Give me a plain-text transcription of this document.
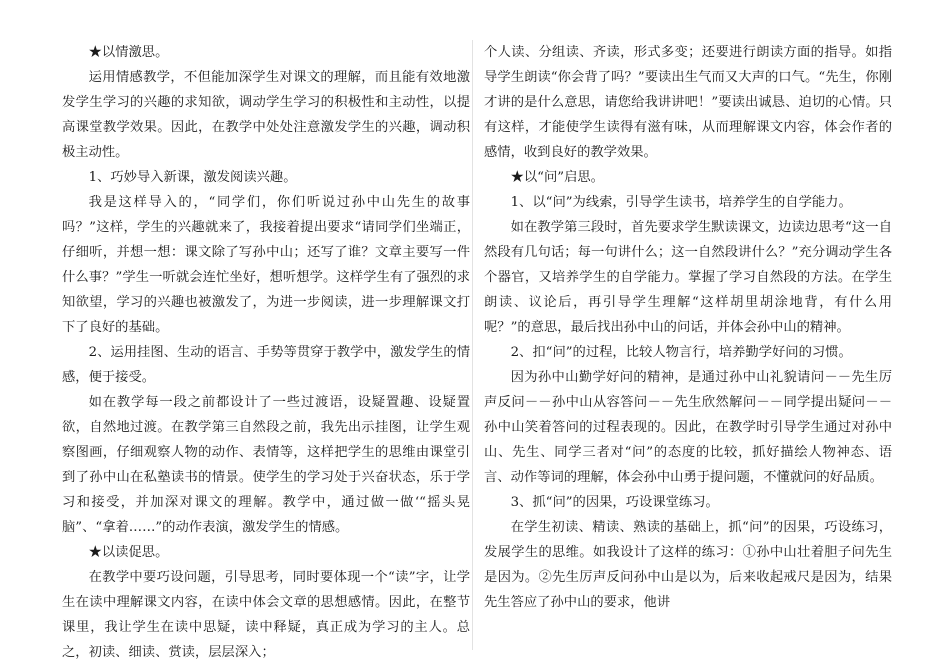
★以情激思。

运用情感教学，不但能加深学生对课文的理解，而且能有效地激发学生学习的兴趣的求知欲，调动学生学习的积极性和主动性，以提高课堂教学效果。因此，在教学中处处注意激发学生的兴趣，调动积极主动性。

1、巧妙导入新课，激发阅读兴趣。

我是这样导入的，“同学们，你们听说过孙中山先生的故事吗？”这样，学生的兴趣就来了，我接着提出要求“请同学们坐端正，仔细听，并想一想：课文除了写孙中山；还写了谁？文章主要写一件什么事？”学生一听就会连忙坐好，想听想学。这样学生有了强烈的求知欲望，学习的兴趣也被激发了，为进一步阅读，进一步理解课文打下了良好的基础。

2、运用挂图、生动的语言、手势等贯穿于教学中，激发学生的情感，便于接受。

如在教学每一段之前都设计了一些过渡语，设疑置趣、设疑置欲，自然地过渡。在教学第三自然段之前，我先出示挂图，让学生观察图画，仔细观察人物的动作、表情等，这样把学生的思维由课堂引到了孙中山在私塾读书的情景。使学生的学习处于兴奋状态，乐于学习和接受，并加深对课文的理解。教学中，通过做一做‘“摇头晃脑”、“拿着……”的动作表演，激发学生的情感。

★以读促思。

在教学中要巧设问题，引导思考，同时要体现一个“读”字，让学生在读中理解课文内容，在读中体会文章的思想感情。因此，在整节课里，我让学生在读中思疑，读中释疑，真正成为学习的主人。总之，初读、细读、赏读，层层深入；

个人读、分组读、齐读，形式多变；还要进行朗读方面的指导。如指导学生朗读“你会背了吗？”要读出生气而又大声的口气。“先生，你刚才讲的是什么意思，请您给我讲讲吧！”要读出诚恳、迫切的心情。只有这样，才能使学生读得有滋有味，从而理解课文内容，体会作者的感情，收到良好的教学效果。

★以“问”启思。

1、以“问”为线索，引导学生读书，培养学生的自学能力。

如在教学第三段时，首先要求学生默读课文，边读边思考“这一自然段有几句话；每一句讲什么；这一自然段讲什么？”充分调动学生各个器官，又培养学生的自学能力。掌握了学习自然段的方法。在学生朗读、议论后，再引导学生理解“这样胡里胡涂地背，有什么用呢？”的意思，最后找出孙中山的问话，并体会孙中山的精神。

2、扣“问”的过程，比较人物言行，培养勤学好问的习惯。

因为孙中山勤学好问的精神，是通过孙中山礼貌请问－－先生厉声反问－－孙中山从容答问－－先生欣然解问－－同学提出疑问－－孙中山笑着答问的过程表现的。因此，在教学时引导学生通过对孙中山、先生、同学三者对“问”的态度的比较，抓好描绘人物神态、语言、动作等词的理解，体会孙中山勇于提问题，不懂就问的好品质。

3、抓“问”的因果，巧设课堂练习。

在学生初读、精读、熟读的基础上，抓“问”的因果，巧设练习，发展学生的思维。如我设计了这样的练习：①孙中山壮着胆子问先生是因为。②先生厉声反问孙中山是以为，后来收起戒尺是因为，结果先生答应了孙中山的要求，他讲
